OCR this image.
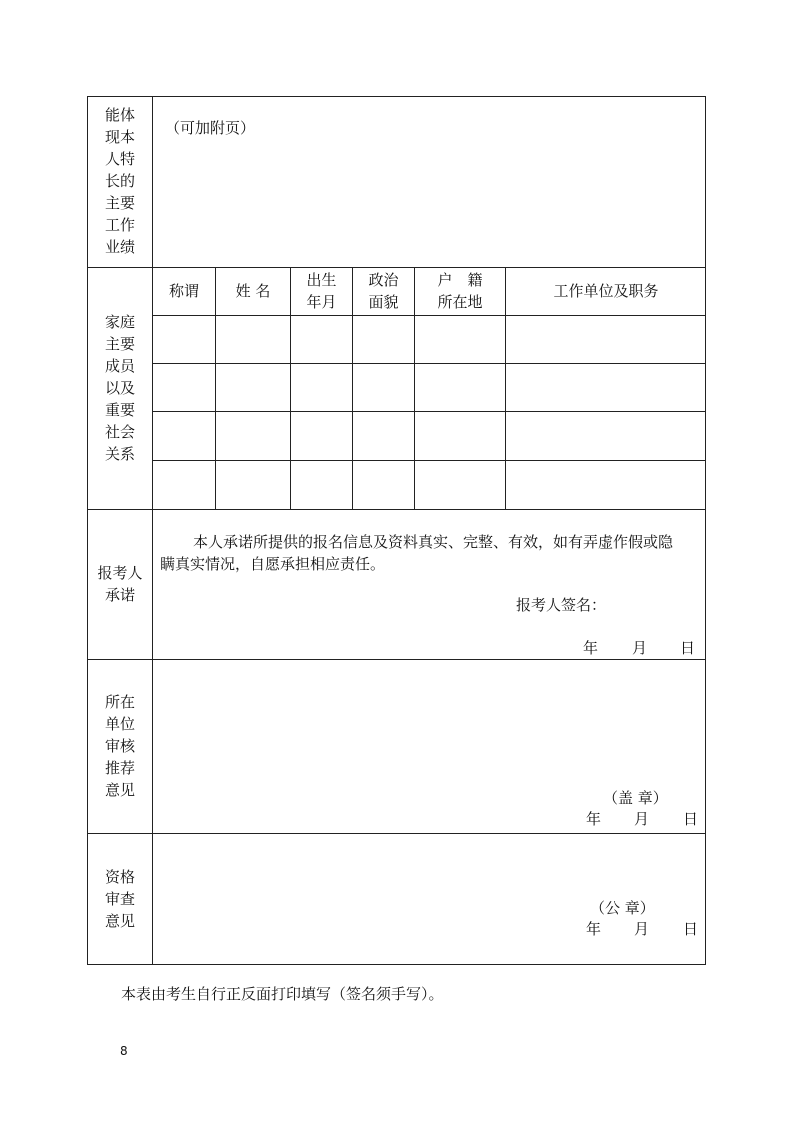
能体
现本
人特
长的
主要
工作
业绩
（可加附页）
家庭
主要
成员
以及
重要
社会
关系
称谓	姓 名
出生
年月
政治
面貌
户　籍
所在地
工作单位及职务
报考人
承诺
本人承诺所提供的报名信息及资料真实、完整、有效，如有弄虚作假或隐
瞒真实情况，自愿承担相应责任。
报考人签名：
年 月 日
所在
单位
审核
推荐
意见	（盖 章）
年 月 日
资格
审查
意见
（公 章）
年 月 日
本表由考生自行正反面打印填写（签名须手写）。
8
